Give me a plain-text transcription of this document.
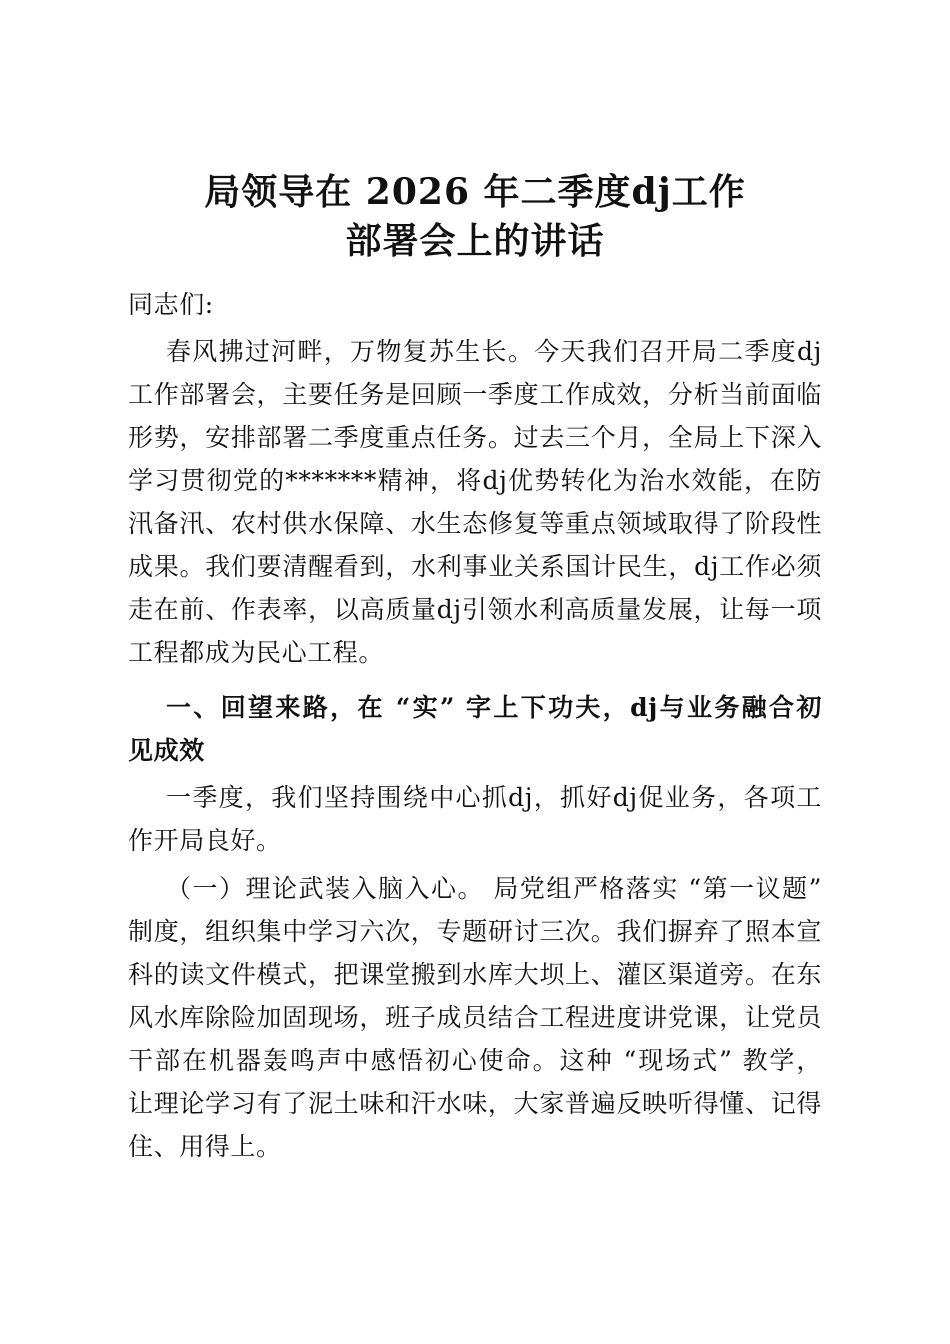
局领导在 2026 年二季度dj工作
部署会上的讲话
同志们:
春风拂过河畔，万物复苏生长。今天我们召开局二季度dj
工作部署会，主要任务是回顾一季度工作成效，分析当前面临
形势，安排部署二季度重点任务。过去三个月，全局上下深入
学习贯彻党的*******精神，将dj优势转化为治水效能，在防
汛备汛、农村供水保障、水生态修复等重点领域取得了阶段性
成果。我们要清醒看到，水利事业关系国计民生，dj工作必须
走在前、作表率，以高质量dj引领水利高质量发展，让每一项
工程都成为民心工程。
一、回望来路，在 “实” 字上下功夫，dj与业务融合初
见成效
一季度，我们坚持围绕中心抓dj，抓好dj促业务，各项工
作开局良好。
（一）理论武装入脑入心。 局党组严格落实 “第一议题”
制度，组织集中学习六次，专题研讨三次。我们摒弃了照本宣
科的读文件模式，把课堂搬到水库大坝上、灌区渠道旁。在东
风水库除险加固现场，班子成员结合工程进度讲党课，让党员
干部在机器轰鸣声中感悟初心使命。这种 “现场式” 教学，
让理论学习有了泥土味和汗水味，大家普遍反映听得懂、记得
住、用得上。
